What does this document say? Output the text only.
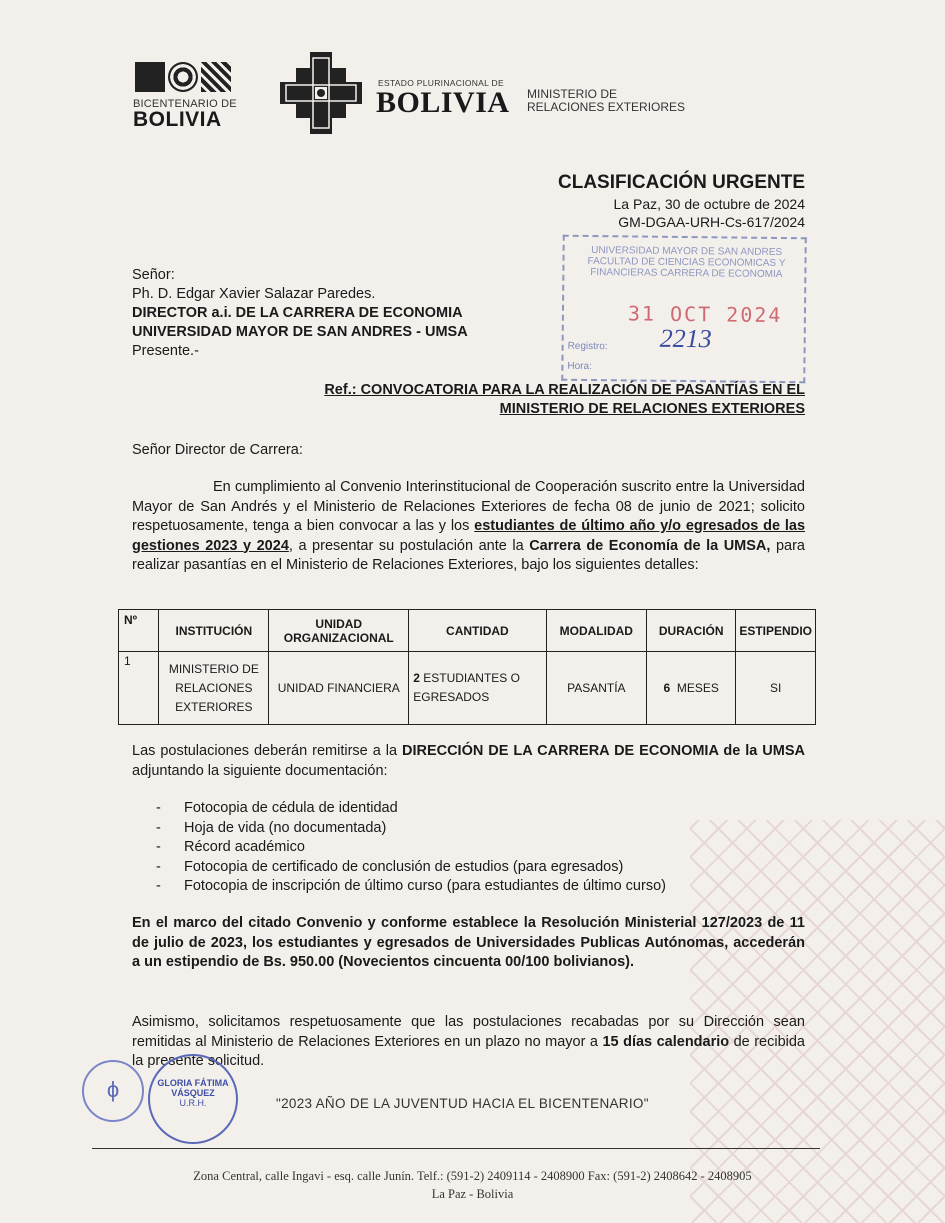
BICENTENARIO DE
BOLIVIA
ESTADO PLURINACIONAL DE
BOLIVIA MINISTERIO DE
RELACIONES EXTERIORES
CLASIFICACIÓN URGENTE
La Paz, 30 de octubre de 2024
GM-DGAA-URH-Cs-617/2024
UNIVERSIDAD MAYOR DE SAN ANDRES FACULTAD DE CIENCIAS ECONOMICAS Y FINANCIERAS CARRERA DE ECONOMIA
31 OCT 2024
2213
Registro:
Hora:
Señor:
Ph. D. Edgar Xavier Salazar Paredes.
DIRECTOR a.i. DE LA CARRERA DE ECONOMIA
UNIVERSIDAD MAYOR DE SAN ANDRES - UMSA
Presente.-
Ref.: CONVOCATORIA PARA LA REALIZACIÓN DE PASANTÍAS EN EL
MINISTERIO DE RELACIONES EXTERIORES
Señor Director de Carrera:
En cumplimiento al Convenio Interinstitucional de Cooperación suscrito entre la Universidad Mayor de San Andrés y el Ministerio de Relaciones Exteriores de fecha 08 de junio de 2021; solicito respetuosamente, tenga a bien convocar a las y los estudiantes de último año y/o egresados de las gestiones 2023 y 2024, a presentar su postulación ante la Carrera de Economía de la UMSA, para realizar pasantías en el Ministerio de Relaciones Exteriores, bajo los siguientes detalles:
Nº	INSTITUCIÓN	UNIDAD ORGANIZACIONAL	CANTIDAD	MODALIDAD	DURACIÓN	ESTIPENDIO
1	MINISTERIO DE RELACIONES EXTERIORES	UNIDAD FINANCIERA	2 ESTUDIANTES O EGRESADOS	PASANTÍA	6 MESES	SI
Las postulaciones deberán remitirse a la DIRECCIÓN DE LA CARRERA DE ECONOMIA de la UMSA adjuntando la siguiente documentación:
- Fotocopia de cédula de identidad
- Hoja de vida (no documentada)
- Récord académico
- Fotocopia de certificado de conclusión de estudios (para egresados)
- Fotocopia de inscripción de último curso (para estudiantes de último curso)
En el marco del citado Convenio y conforme establece la Resolución Ministerial 127/2023 de 11 de julio de 2023, los estudiantes y egresados de Universidades Publicas Autónomas, accederán a un estipendio de Bs. 950.00 (Novecientos cincuenta 00/100 bolivianos).
Asimismo, solicitamos respetuosamente que las postulaciones recabadas por su Dirección sean remitidas al Ministerio de Relaciones Exteriores en un plazo no mayor a 15 días calendario de recibida la presente solicitud.
ϕ	GLORIA FÁTIMA VÁSQUEZ
U.R.H.	"2023 AÑO DE LA JUVENTUD HACIA EL BICENTENARIO"
Zona Central, calle Ingavi - esq. calle Junín. Telf.: (591-2) 2409114 - 2408900 Fax: (591-2) 2408642 - 2408905
La Paz - Bolivia
